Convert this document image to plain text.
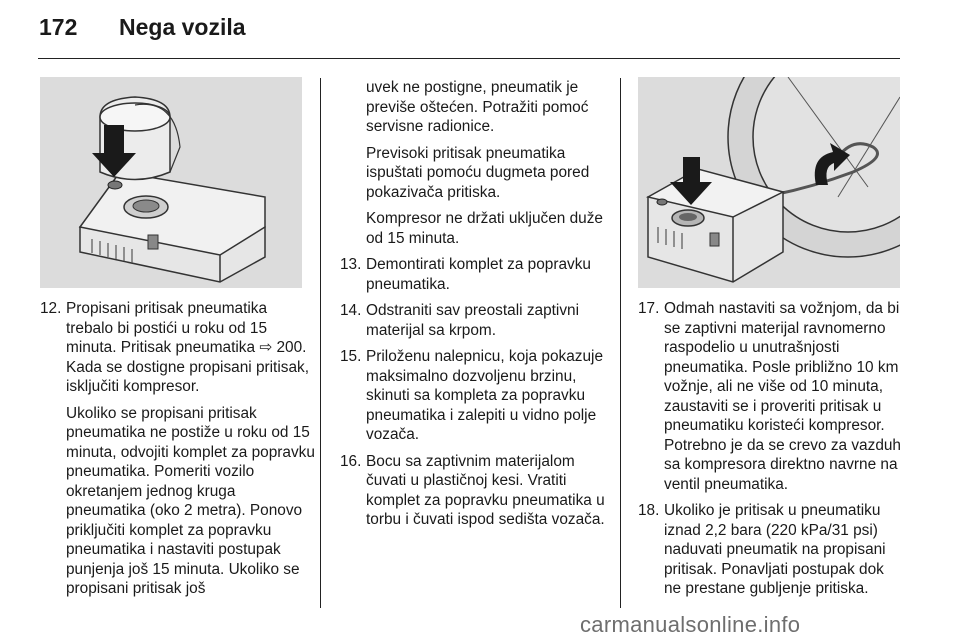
172 Nega vozila
12. Propisani pritisak pneumatika trebalo bi postići u roku od 15 minuta. Pritisak pneumatika ⇨ 200. Kada se dostigne propisani pritisak, isključiti kompresor.
Ukoliko se propisani pritisak pneumatika ne postiže u roku od 15 minuta, odvojiti komplet za popravku pneumatika. Pomeriti vozilo okretanjem jednog kruga pneumatika (oko 2 metra). Ponovo priključiti komplet za popravku pneumatika i nastaviti postupak punjenja još 15 minuta. Ukoliko se propisani pritisak još
uvek ne postigne, pneumatik je previše oštećen. Potražiti pomoć servisne radionice.
Previsoki pritisak pneumatika ispuštati pomoću dugmeta pored pokazivača pritiska.
Kompresor ne držati uključen duže od 15 minuta.
13. Demontirati komplet za popravku pneumatika.
14. Odstraniti sav preostali zaptivni materijal sa krpom.
15. Priloženu nalepnicu, koja pokazuje maksimalno dozvoljenu brzinu, skinuti sa kompleta za popravku pneumatika i zalepiti u vidno polje vozača.
16. Bocu sa zaptivnim materijalom čuvati u plastičnoj kesi. Vratiti komplet za popravku pneumatika u torbu i čuvati ispod sedišta vozača.
17. Odmah nastaviti sa vožnjom, da bi se zaptivni materijal ravnomerno raspodelio u unutrašnjosti pneumatika. Posle približno 10 km vožnje, ali ne više od 10 minuta, zaustaviti se i proveriti pritisak u pneumatiku koristeći kompresor. Potrebno je da se crevo za vazduh sa kompresora direktno navrne na ventil pneumatika.
18. Ukoliko je pritisak u pneumatiku iznad 2,2 bara (220 kPa/31 psi) naduvati pneumatik na propisani pritisak. Ponavljati postupak dok ne prestane gubljenje pritiska.
carmanualsonline.info
